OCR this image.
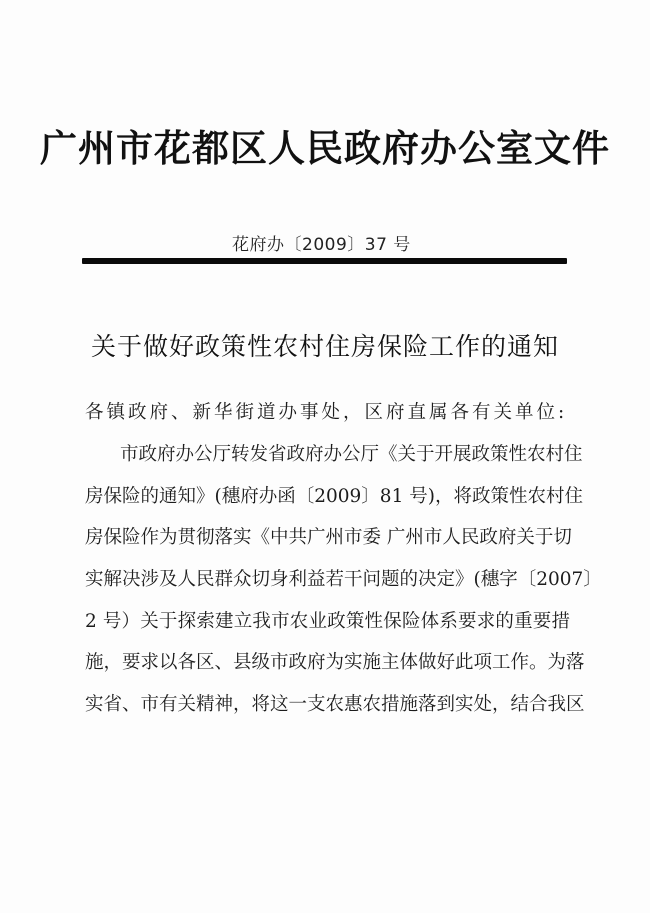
广州市花都区人民政府办公室文件
花府办〔2009〕37 号
关于做好政策性农村住房保险工作的通知
各镇政府、新华街道办事处，区府直属各有关单位:
市政府办公厅转发省政府办公厅《关于开展政策性农村住
房保险的通知》(穗府办函〔2009〕81 号)，将政策性农村住
房保险作为贯彻落实《中共广州市委 广州市人民政府关于切
实解决涉及人民群众切身利益若干问题的决定》(穗字〔2007〕
2 号）关于探索建立我市农业政策性保险体系要求的重要措
施，要求以各区、县级市政府为实施主体做好此项工作。为落
实省、市有关精神，将这一支农惠农措施落到实处，结合我区
